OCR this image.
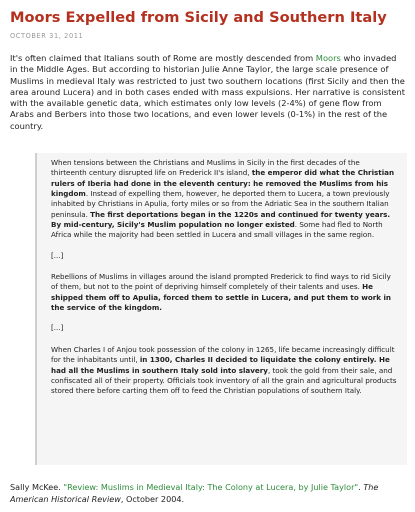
Moors Expelled from Sicily and Southern Italy
OCTOBER 31, 2011

It's often claimed that Italians south of Rome are mostly descended from Moors who invaded in the Middle Ages. But according to historian Julie Anne Taylor, the large scale presence of Muslims in medieval Italy was restricted to just two southern locations (first Sicily and then the area around Lucera) and in both cases ended with mass expulsions. Her narrative is consistent with the available genetic data, which estimates only low levels (2-4%) of gene flow from Arabs and Berbers into those two locations, and even lower levels (0-1%) in the rest of the country.

When tensions between the Christians and Muslims in Sicily in the first decades of the thirteenth century disrupted life on Frederick II's island, the emperor did what the Christian rulers of Iberia had done in the eleventh century: he removed the Muslims from his kingdom. Instead of expelling them, however, he deported them to Lucera, a town previously inhabited by Christians in Apulia, forty miles or so from the Adriatic Sea in the southern Italian peninsula. The first deportations began in the 1220s and continued for twenty years. By mid-century, Sicily's Muslim population no longer existed. Some had fled to North Africa while the majority had been settled in Lucera and small villages in the same region.

[...]

Rebellions of Muslims in villages around the island prompted Frederick to find ways to rid Sicily of them, but not to the point of depriving himself completely of their talents and uses. He shipped them off to Apulia, forced them to settle in Lucera, and put them to work in the service of the kingdom.

[...]

When Charles I of Anjou took possession of the colony in 1265, life became increasingly difficult for the inhabitants until, in 1300, Charles II decided to liquidate the colony entirely. He had all the Muslims in southern Italy sold into slavery, took the gold from their sale, and confiscated all of their property. Officials took inventory of all the grain and agricultural products stored there before carting them off to feed the Christian populations of southern Italy.

Sally McKee. "Review: Muslims in Medieval Italy: The Colony at Lucera, by Julie Taylor". The American Historical Review, October 2004.
